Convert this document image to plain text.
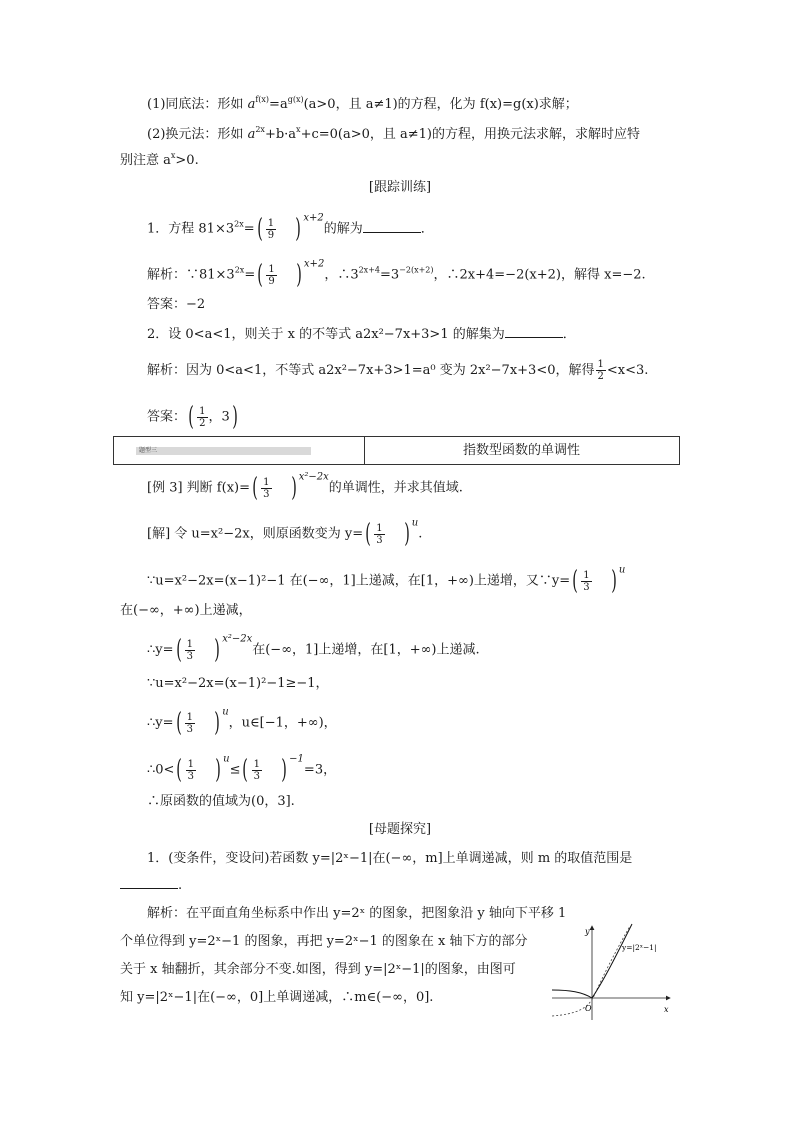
(1)同底法：形如 $a^{f(x)}=a^{g(x)}(a>0$，且 a≠1)的方程，化为 f(x)=g(x)求解；
(2)换元法：形如 $a^{2x}+b\cdot a^x+c=0(a>0$，且 a≠1)的方程，用换元法求解，求解时应特
别注意 $a^x>0$.
[跟踪训练]
1．方程 $81\times 3^{2x}=( \frac{1}{9}$ ) $^{x+2}$的解为	．
解析：$\because 81\times 3^{2x}=( \frac{1}{9}$ ) $^{x+2}$，$\therefore 3^{2x+4}=3^{-2(x+2)}$，∴2x+4=−2(x+2)，解得 x=−2.
答案：−2
2．设 0<a<1，则关于 x 的不等式 a2x²−7x+3>1 的解集为	．
解析：因为 0<a<1，不等式 a2x²−7x+3>1=a⁰ 变为 2x²−7x+3<0，解得 $\frac{1}{2} <x<3$.
答案：( $\frac{1}{2}$ ，3)
题型三	指数型函数的单调性
[例 3] 判断 $f(x)=( \frac{1}{3}$ ) $^{x^2-2x}$的单调性，并求其值域.
[解] 令 u=x²−2x，则原函数变为 $y=( \frac{1}{3}$ ) $^u$.
∵u=x²−2x=(x−1)²−1 在(−∞，1]上递减，在[1，+∞)上递增，又∵y=( $\frac{1}{3}$ ) $^u$
在(−∞，+∞)上递减，
∴y=( $\frac{1}{3}$ ) $^{x^2-2x}$在(−∞，1]上递增，在[1，+∞)上递减.
∵u=x²−2x=(x−1)²−1≥−1，
∴y=( $\frac{1}{3}$ ) $^u$，u∈[−1，+∞)，
∴0<( $\frac{1}{3}$ ) $^u\le( \frac{1}{3}$ ) $^{-1}$=3，
∴原函数的值域为(0，3].
[母题探究]
1．(变条件，变设问)若函数 y=|2ˣ−1|在(−∞，m]上单调递减，则 m 的取值范围是
.
解析：在平面直角坐标系中作出 y=2ˣ 的图象，把图象沿 y 轴向下平移 1
个单位得到 y=2ˣ−1 的图象，再把 y=2ˣ−1 的图象在 x 轴下方的部分
关于 x 轴翻折，其余部分不变.如图，得到 y=|2ˣ−1|的图象，由图可
知 y=|2ˣ−1|在(−∞，0]上单调递减，∴m∈(−∞，0].
y
x
O
y=|2ˣ−1|
